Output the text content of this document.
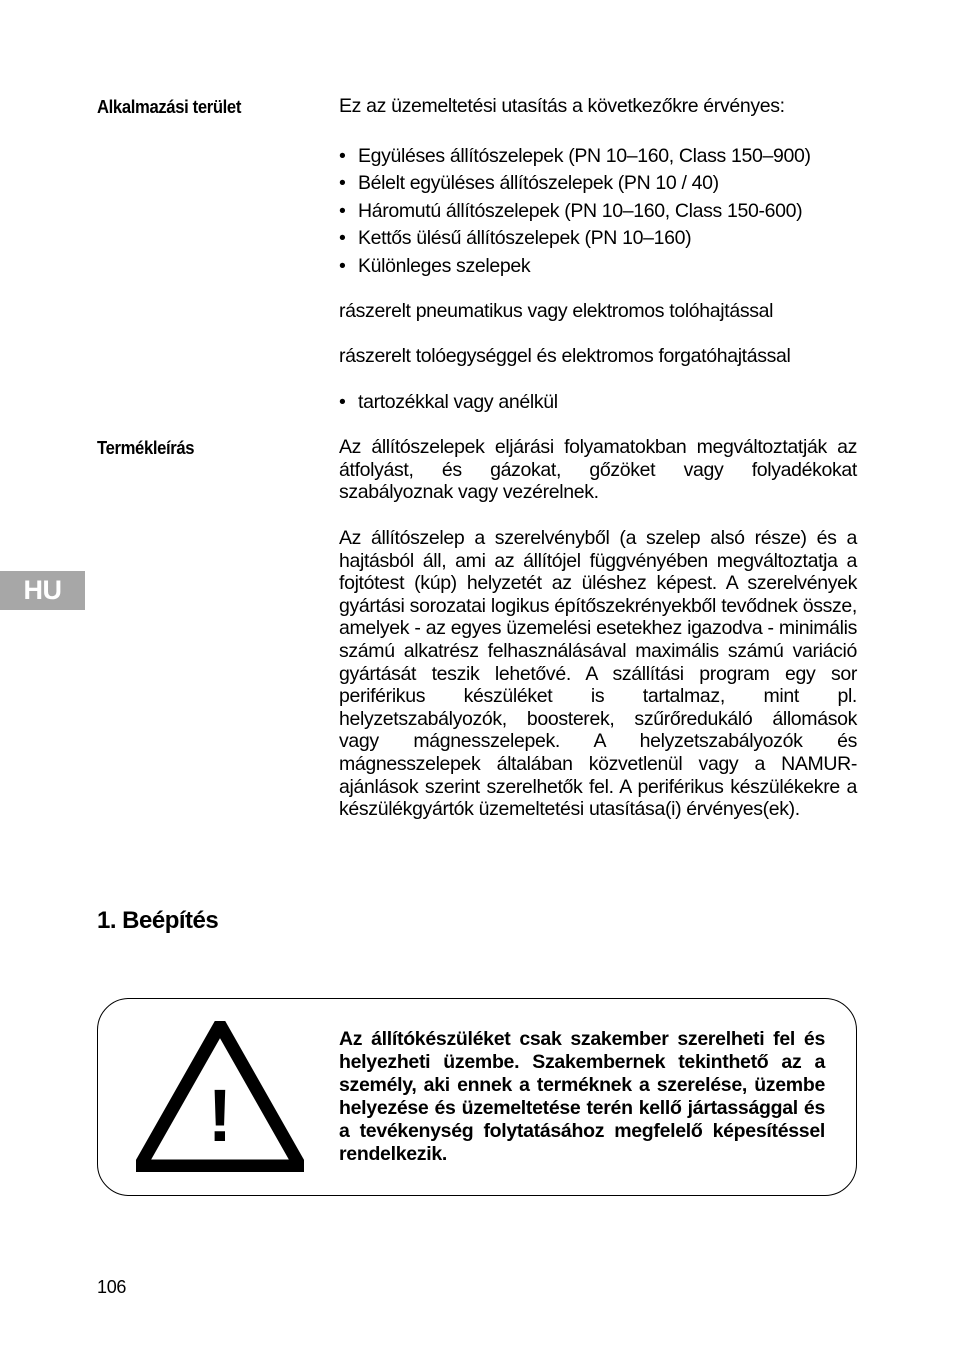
Alkalmazási terület	Ez az üzemeltetési utasítás a következőkre érvényes:

• Együléses állítószelepek (PN 10–160, Class 150–900)
• Bélelt együléses állítószelepek (PN 10 / 40)
• Háromutú állítószelepek (PN 10–160, Class 150-600)
• Kettős ülésű állítószelepek (PN 10–160)
• Különleges szelepek

rászerelt pneumatikus vagy elektromos tolóhajtással

rászerelt tolóegységgel és elektromos forgatóhajtással

• tartozékkal vagy anélkül
Termékleírás	Az állítószelepek eljárási folyamatokban megváltoztatják az átfolyást, és gázokat, gőzöket vagy folyadékokat szabályoznak vagy vezérelnek.

Az állítószelep a szerelvényből (a szelep alsó része) és a hajtásból áll, ami az állítójel függvényében megváltoztatja a fojtótest (kúp) helyzetét az üléshez képest. A szerelvények gyártási sorozatai logikus építőszekrényekből tevődnek össze, amelyek - az egyes üzemelési esetekhez igazodva - minimális számú alkatrész felhasználásával maximális számú variáció gyártását teszik lehetővé. A szállítási program egy sor periférikus készüléket is tartalmaz, mint pl. helyzetszabályozók, boosterek, szűrőredukáló állomások vagy mágnesszelepek. A helyzetszabályozók és mágnesszelepek általában közvetlenül vagy a NAMUR-ajánlások szerint szerelhetők fel. A periférikus készülékekre a készülékgyártók üzemeltetési utasítása(i) érvényes(ek).

HU
1. Beépítés
!
Az állítókészüléket csak szakember szerelheti fel és helyezheti üzembe. Szakembernek tekinthető az a személy, aki ennek a terméknek a szerelése, üzembe helyezése és üzemeltetése terén kellő jártassággal és a tevékenység folytatásához megfelelő képesítéssel rendelkezik.
106
